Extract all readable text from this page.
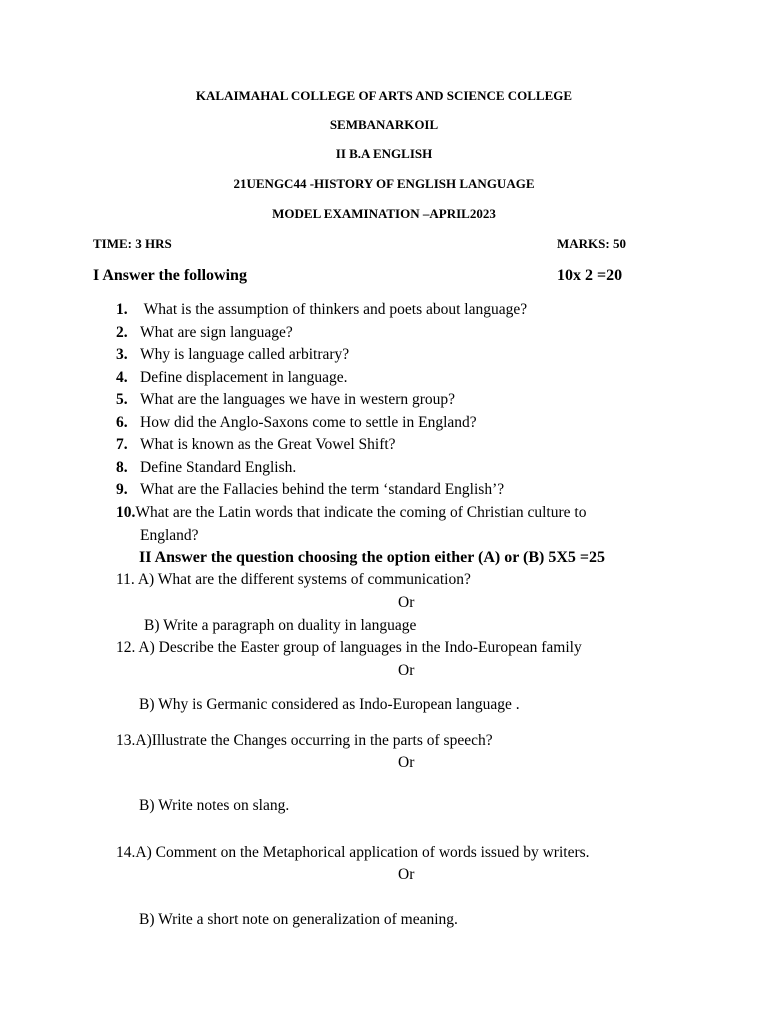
KALAIMAHAL COLLEGE OF ARTS AND SCIENCE COLLEGE
SEMBANARKOIL
II B.A ENGLISH
21UENGC44 -HISTORY OF ENGLISH LANGUAGE
MODEL EXAMINATION –APRIL2023
TIME: 3 HRS	MARKS: 50
I Answer the following	10x 2 =20
1. What is the assumption of thinkers and poets about language?
2. What are sign language?
3. Why is language called arbitrary?
4. Define displacement in language.
5. What are the languages we have in western group?
6. How did the Anglo-Saxons come to settle in England?
7. What is known as the Great Vowel Shift?
8. Define Standard English.
9. What are the Fallacies behind the term ‘standard English’?
10.What are the Latin words that indicate the coming of Christian culture to
England?
II Answer the question choosing the option either (A) or (B) 5X5 =25
11. A) What are the different systems of communication?
Or
B) Write a paragraph on duality in language
12. A) Describe the Easter group of languages in the Indo-European family
Or
B) Why is Germanic considered as Indo-European language .
13.A)Illustrate the Changes occurring in the parts of speech?
Or
B) Write notes on slang.
14.A) Comment on the Metaphorical application of words issued by writers.
Or
B) Write a short note on generalization of meaning.
